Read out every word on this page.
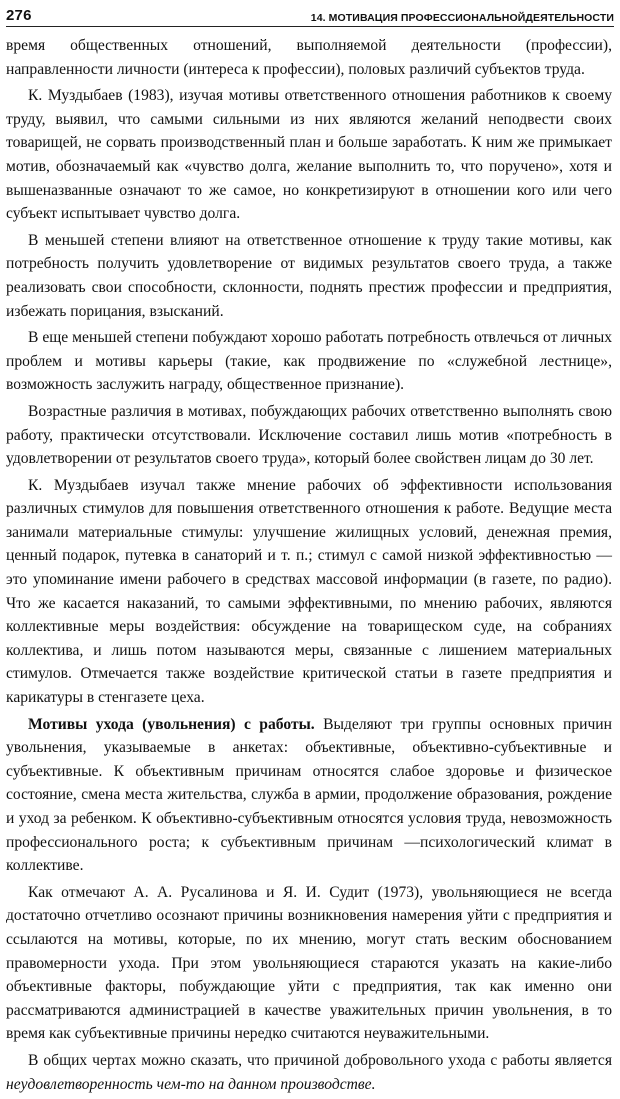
276	14. МОТИВАЦИЯ ПРОФЕССИОНАЛЬНОЙДЕЯТЕЛЬНОСТИ

время общественных отношений, выполняемой деятельности (профессии), направленности личности (интереса к профессии), половых различий субъектов труда.

К. Муздыбаев (1983), изучая мотивы ответственного отношения работников к своему труду, выявил, что самыми сильными из них являются желаний неподвести своих товарищей, не сорвать производственный план и больше заработать. К ним же примыкает мотив, обозначаемый как «чувство долга, желание выполнить то, что поручено», хотя и вышеназванные означают то же самое, но конкретизируют в отношении кого или чего субъект испытывает чувство долга.

В меньшей степени влияют на ответственное отношение к труду такие мотивы, как потребность получить удовлетворение от видимых результатов своего труда, а также реализовать свои способности, склонности, поднять престиж профессии и предприятия, избежать порицания, взысканий.

В еще меньшей степени побуждают хорошо работать потребность отвлечься от личных проблем и мотивы карьеры (такие, как продвижение по «служебной лестнице», возможность заслужить награду, общественное признание).

Возрастные различия в мотивах, побуждающих рабочих ответственно выполнять свою работу, практически отсутствовали. Исключение составил лишь мотив «потребность в удовлетворении от результатов своего труда», который более свойствен лицам до 30 лет.

К. Муздыбаев изучал также мнение рабочих об эффективности использования различных стимулов для повышения ответственного отношения к работе. Ведущие места занимали материальные стимулы: улучшение жилищных условий, денежная премия, ценный подарок, путевка в санаторий и т. п.; стимул с самой низкой эффективностью — это упоминание имени рабочего в средствах массовой информации (в газете, по радио). Что же касается наказаний, то самыми эффективными, по мнению рабочих, являются коллективные меры воздействия: обсуждение на товарищеском суде, на собраниях коллектива, и лишь потом называются меры, связанные с лишением материальных стимулов. Отмечается также воздействие критической статьи в газете предприятия и карикатуры в стенгазете цеха.

Мотивы ухода (увольнения) с работы. Выделяют три группы основных причин увольнения, указываемые в анкетах: объективные, объективно-субъективные и субъективные. К объективным причинам относятся слабое здоровье и физическое состояние, смена места жительства, служба в армии, продолжение образования, рождение и уход за ребенком. К объективно-субъективным относятся условия труда, невозможность профессионального роста; к субъективным причинам —психологический климат в коллективе.

Как отмечают А. А. Русалинова и Я. И. Судит (1973), увольняющиеся не всегда достаточно отчетливо осознают причины возникновения намерения уйти с предприятия и ссылаются на мотивы, которые, по их мнению, могут стать веским обоснованием правомерности ухода. При этом увольняющиеся стараются указать на какие-либо объективные факторы, побуждающие уйти с предприятия, так как именно они рассматриваются администрацией в качестве уважительных причин увольнения, в то время как субъективные причины нередко считаются неуважительными.

В общих чертах можно сказать, что причиной добровольного ухода с работы является неудовлетворенность чем-то на данном производстве.
